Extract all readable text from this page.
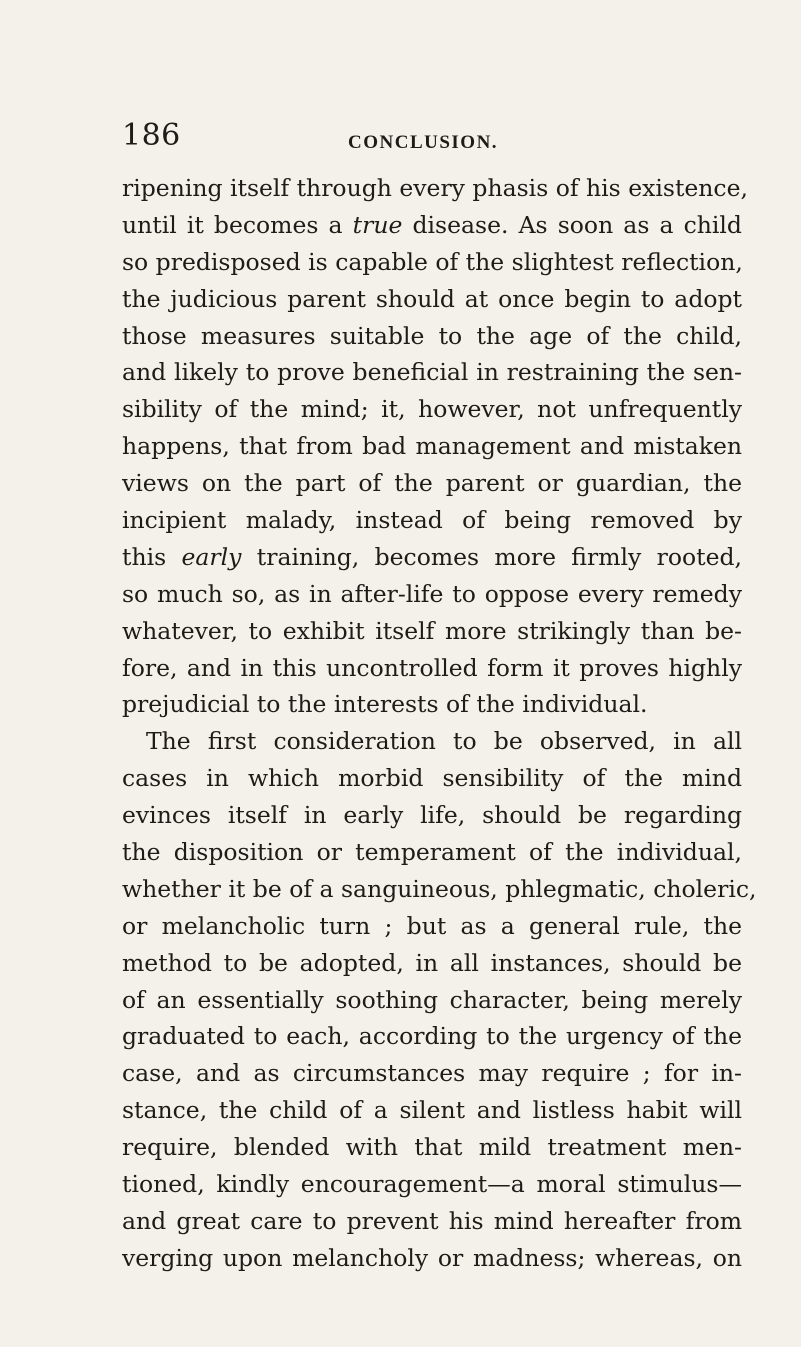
186	CONCLUSION.
ripening itself through every phasis of his existence,
until it becomes a true disease. As soon as a child
so predisposed is capable of the slightest reflection,
the judicious parent should at once begin to adopt
those measures suitable to the age of the child,
and likely to prove beneficial in restraining the sen-
sibility of the mind; it, however, not unfrequently
happens, that from bad management and mistaken
views on the part of the parent or guardian, the
incipient malady, instead of being removed by
this early training, becomes more firmly rooted,
so much so, as in after-life to oppose every remedy
whatever, to exhibit itself more strikingly than be-
fore, and in this uncontrolled form it proves highly
prejudicial to the interests of the individual.
The first consideration to be observed, in all
cases in which morbid sensibility of the mind
evinces itself in early life, should be regarding
the disposition or temperament of the individual,
whether it be of a sanguineous, phlegmatic, choleric,
or melancholic turn ; but as a general rule, the
method to be adopted, in all instances, should be
of an essentially soothing character, being merely
graduated to each, according to the urgency of the
case, and as circumstances may require ; for in-
stance, the child of a silent and listless habit will
require, blended with that mild treatment men-
tioned, kindly encouragement—a moral stimulus—
and great care to prevent his mind hereafter from
verging upon melancholy or madness; whereas, on
